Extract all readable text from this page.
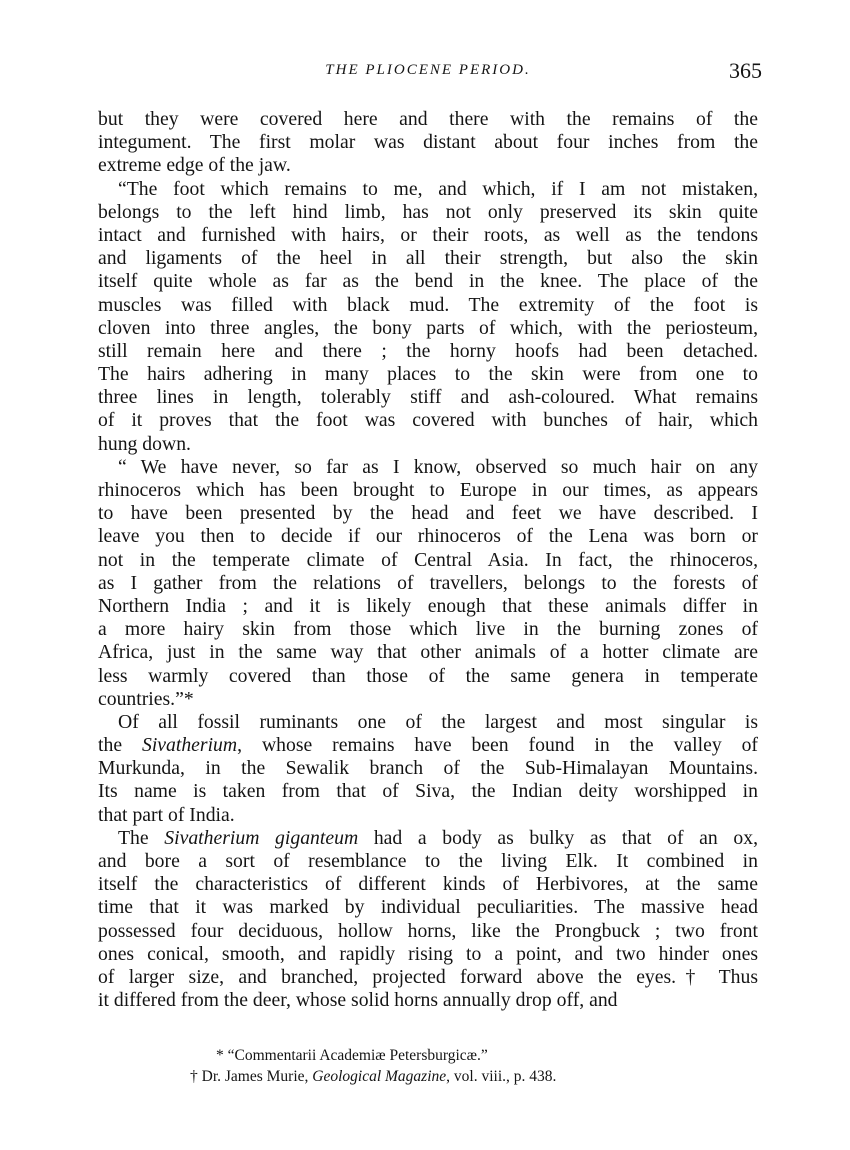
THE PLIOCENE PERIOD.	365
but they were covered here and there with the remains of the
integument. The first molar was distant about four inches from the
extreme edge of the jaw.
“The foot which remains to me, and which, if I am not mistaken,
belongs to the left hind limb, has not only preserved its skin quite
intact and furnished with hairs, or their roots, as well as the tendons
and ligaments of the heel in all their strength, but also the skin
itself quite whole as far as the bend in the knee. The place of the
muscles was filled with black mud. The extremity of the foot is
cloven into three angles, the bony parts of which, with the periosteum,
still remain here and there ; the horny hoofs had been detached.
The hairs adhering in many places to the skin were from one to
three lines in length, tolerably stiff and ash-coloured. What remains
of it proves that the foot was covered with bunches of hair, which
hung down.
“ We have never, so far as I know, observed so much hair on any
rhinoceros which has been brought to Europe in our times, as appears
to have been presented by the head and feet we have described. I
leave you then to decide if our rhinoceros of the Lena was born or
not in the temperate climate of Central Asia. In fact, the rhinoceros,
as I gather from the relations of travellers, belongs to the forests of
Northern India ; and it is likely enough that these animals differ in
a more hairy skin from those which live in the burning zones of
Africa, just in the same way that other animals of a hotter climate are
less warmly covered than those of the same genera in temperate
countries.”*
Of all fossil ruminants one of the largest and most singular is
the Sivatherium, whose remains have been found in the valley of
Murkunda, in the Sewalik branch of the Sub-Himalayan Mountains.
Its name is taken from that of Siva, the Indian deity worshipped in
that part of India.
The Sivatherium giganteum had a body as bulky as that of an ox,
and bore a sort of resemblance to the living Elk. It combined in
itself the characteristics of different kinds of Herbivores, at the same
time that it was marked by individual peculiarities. The massive head
possessed four deciduous, hollow horns, like the Prongbuck ; two front
ones conical, smooth, and rapidly rising to a point, and two hinder ones
of larger size, and branched, projected forward above the eyes.† Thus
it differed from the deer, whose solid horns annually drop off, and
* “Commentarii Academiæ Petersburgicæ.”
† Dr. James Murie, Geological Magazine, vol. viii., p. 438.
